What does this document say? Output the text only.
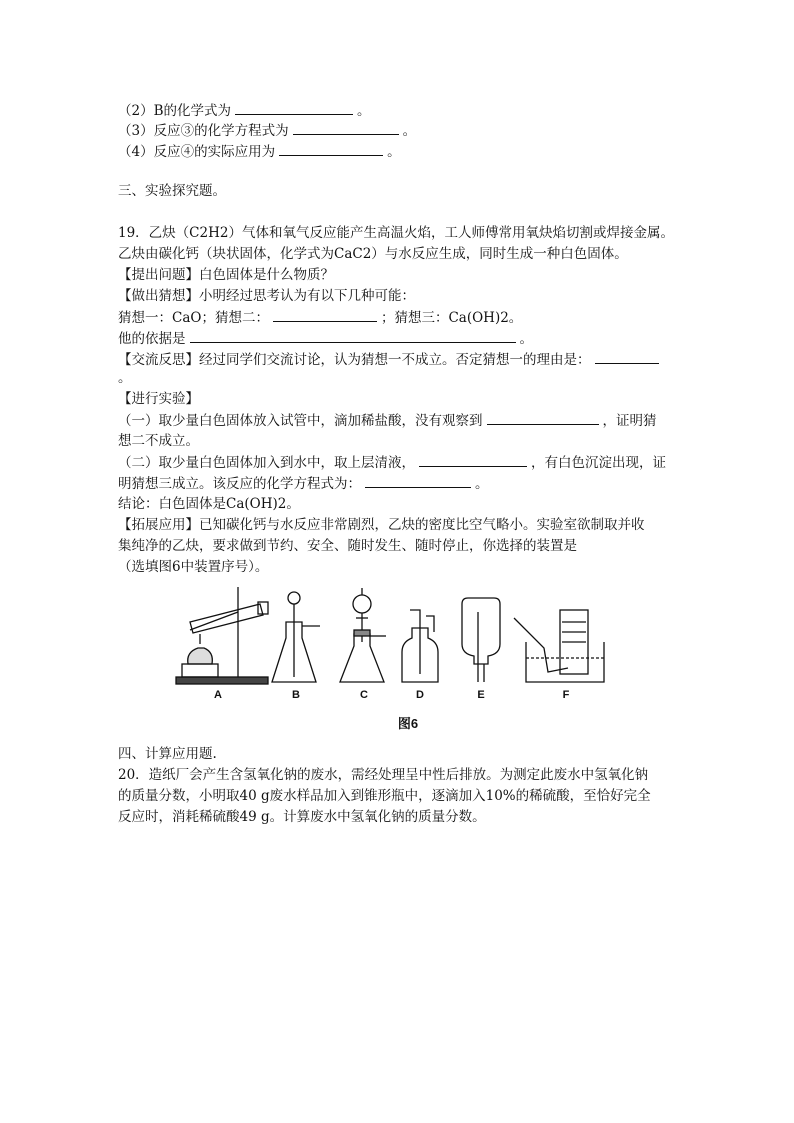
（2）B的化学式为	。
（3）反应③的化学方程式为	。
（4）反应④的实际应用为	。
三、实验探究题。
19．乙炔（C2H2）气体和氧气反应能产生高温火焰，工人师傅常用氧炔焰切割或焊接金属。
乙炔由碳化钙（块状固体，化学式为CaC2）与水反应生成，同时生成一种白色固体。
【提出问题】白色固体是什么物质？
【做出猜想】小明经过思考认为有以下几种可能：
猜想一：CaO；猜想二：	；猜想三：Ca(OH)2。
他的依据是	。
【交流反思】经过同学们交流讨论，认为猜想一不成立。否定猜想一的理由是：
。
【进行实验】
（一）取少量白色固体放入试管中，滴加稀盐酸，没有观察到	，证明猜
想二不成立。
（二）取少量白色固体加入到水中，取上层清液，	，有白色沉淀出现，证
明猜想三成立。该反应的化学方程式为：	。
结论：白色固体是Ca(OH)2。
【拓展应用】已知碳化钙与水反应非常剧烈，乙炔的密度比空气略小。实验室欲制取并收
集纯净的乙炔，要求做到节约、安全、随时发生、随时停止，你选择的装置是
（选填图6中装置序号）。
A	B	C	D	E	F
图6
四、计算应用题.
20．造纸厂会产生含氢氧化钠的废水，需经处理呈中性后排放。为测定此废水中氢氧化钠
的质量分数，小明取40 g废水样品加入到锥形瓶中，逐滴加入10%的稀硫酸，至恰好完全
反应时，消耗稀硫酸49 g。计算废水中氢氧化钠的质量分数。
